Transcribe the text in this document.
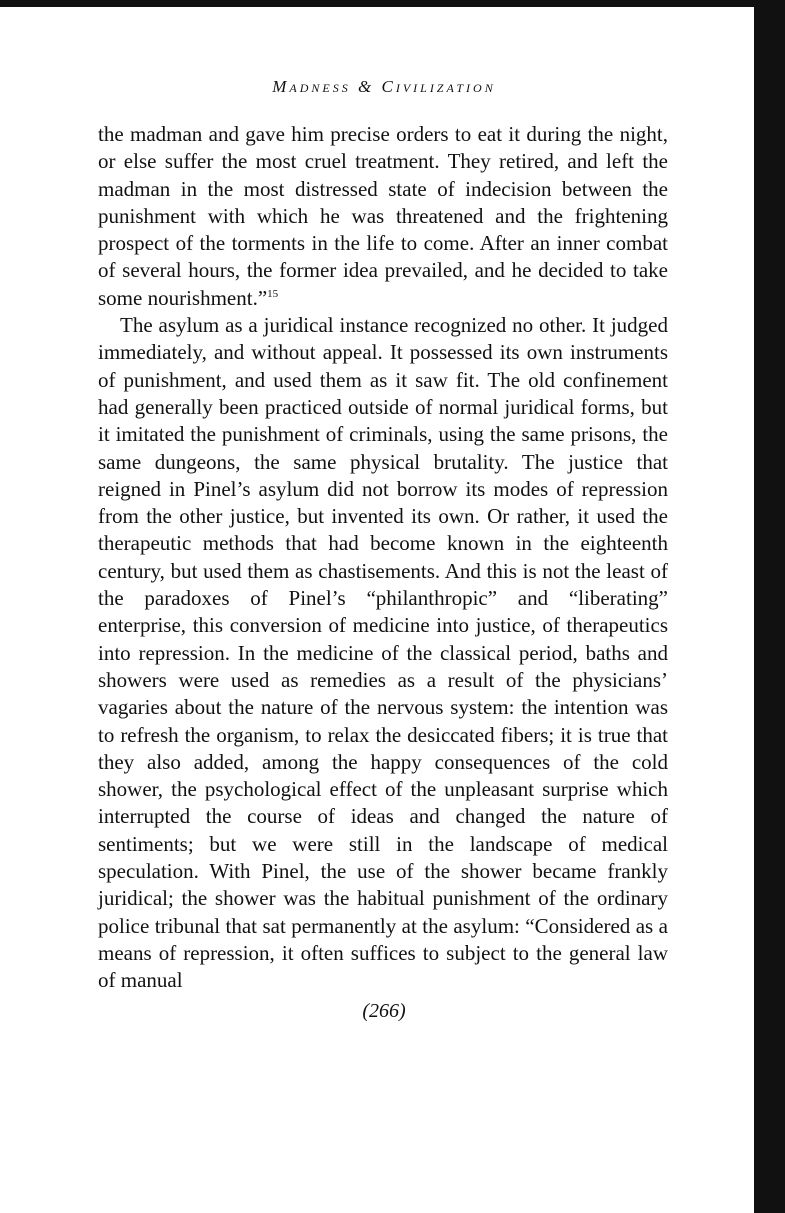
Madness & Civilization

the madman and gave him precise orders to eat it during the night, or else suffer the most cruel treatment. They retired, and left the madman in the most distressed state of indecision between the punishment with which he was threatened and the frightening prospect of the torments in the life to come. After an inner combat of several hours, the former idea prevailed, and he decided to take some nourishment.”$^{15}$

The asylum as a juridical instance recognized no other. It judged immediately, and without appeal. It possessed its own instruments of punishment, and used them as it saw fit. The old confinement had generally been practiced outside of normal juridical forms, but it imitated the punishment of criminals, using the same prisons, the same dungeons, the same physical brutality. The justice that reigned in Pinel’s asylum did not borrow its modes of repression from the other justice, but invented its own. Or rather, it used the therapeutic methods that had become known in the eighteenth century, but used them as chastisements. And this is not the least of the paradoxes of Pinel’s “philanthropic” and “liberating” enterprise, this conversion of medicine into justice, of therapeutics into repression. In the medicine of the classical period, baths and showers were used as remedies as a result of the physicians’ vagaries about the nature of the nervous system: the intention was to refresh the organism, to relax the desiccated fibers; it is true that they also added, among the happy consequences of the cold shower, the psychological effect of the unpleasant surprise which interrupted the course of ideas and changed the nature of sentiments; but we were still in the landscape of medical speculation. With Pinel, the use of the shower became frankly juridical; the shower was the habitual punishment of the ordinary police tribunal that sat permanently at the asylum: “Considered as a means of repression, it often suffices to subject to the general law of manual

(266)
